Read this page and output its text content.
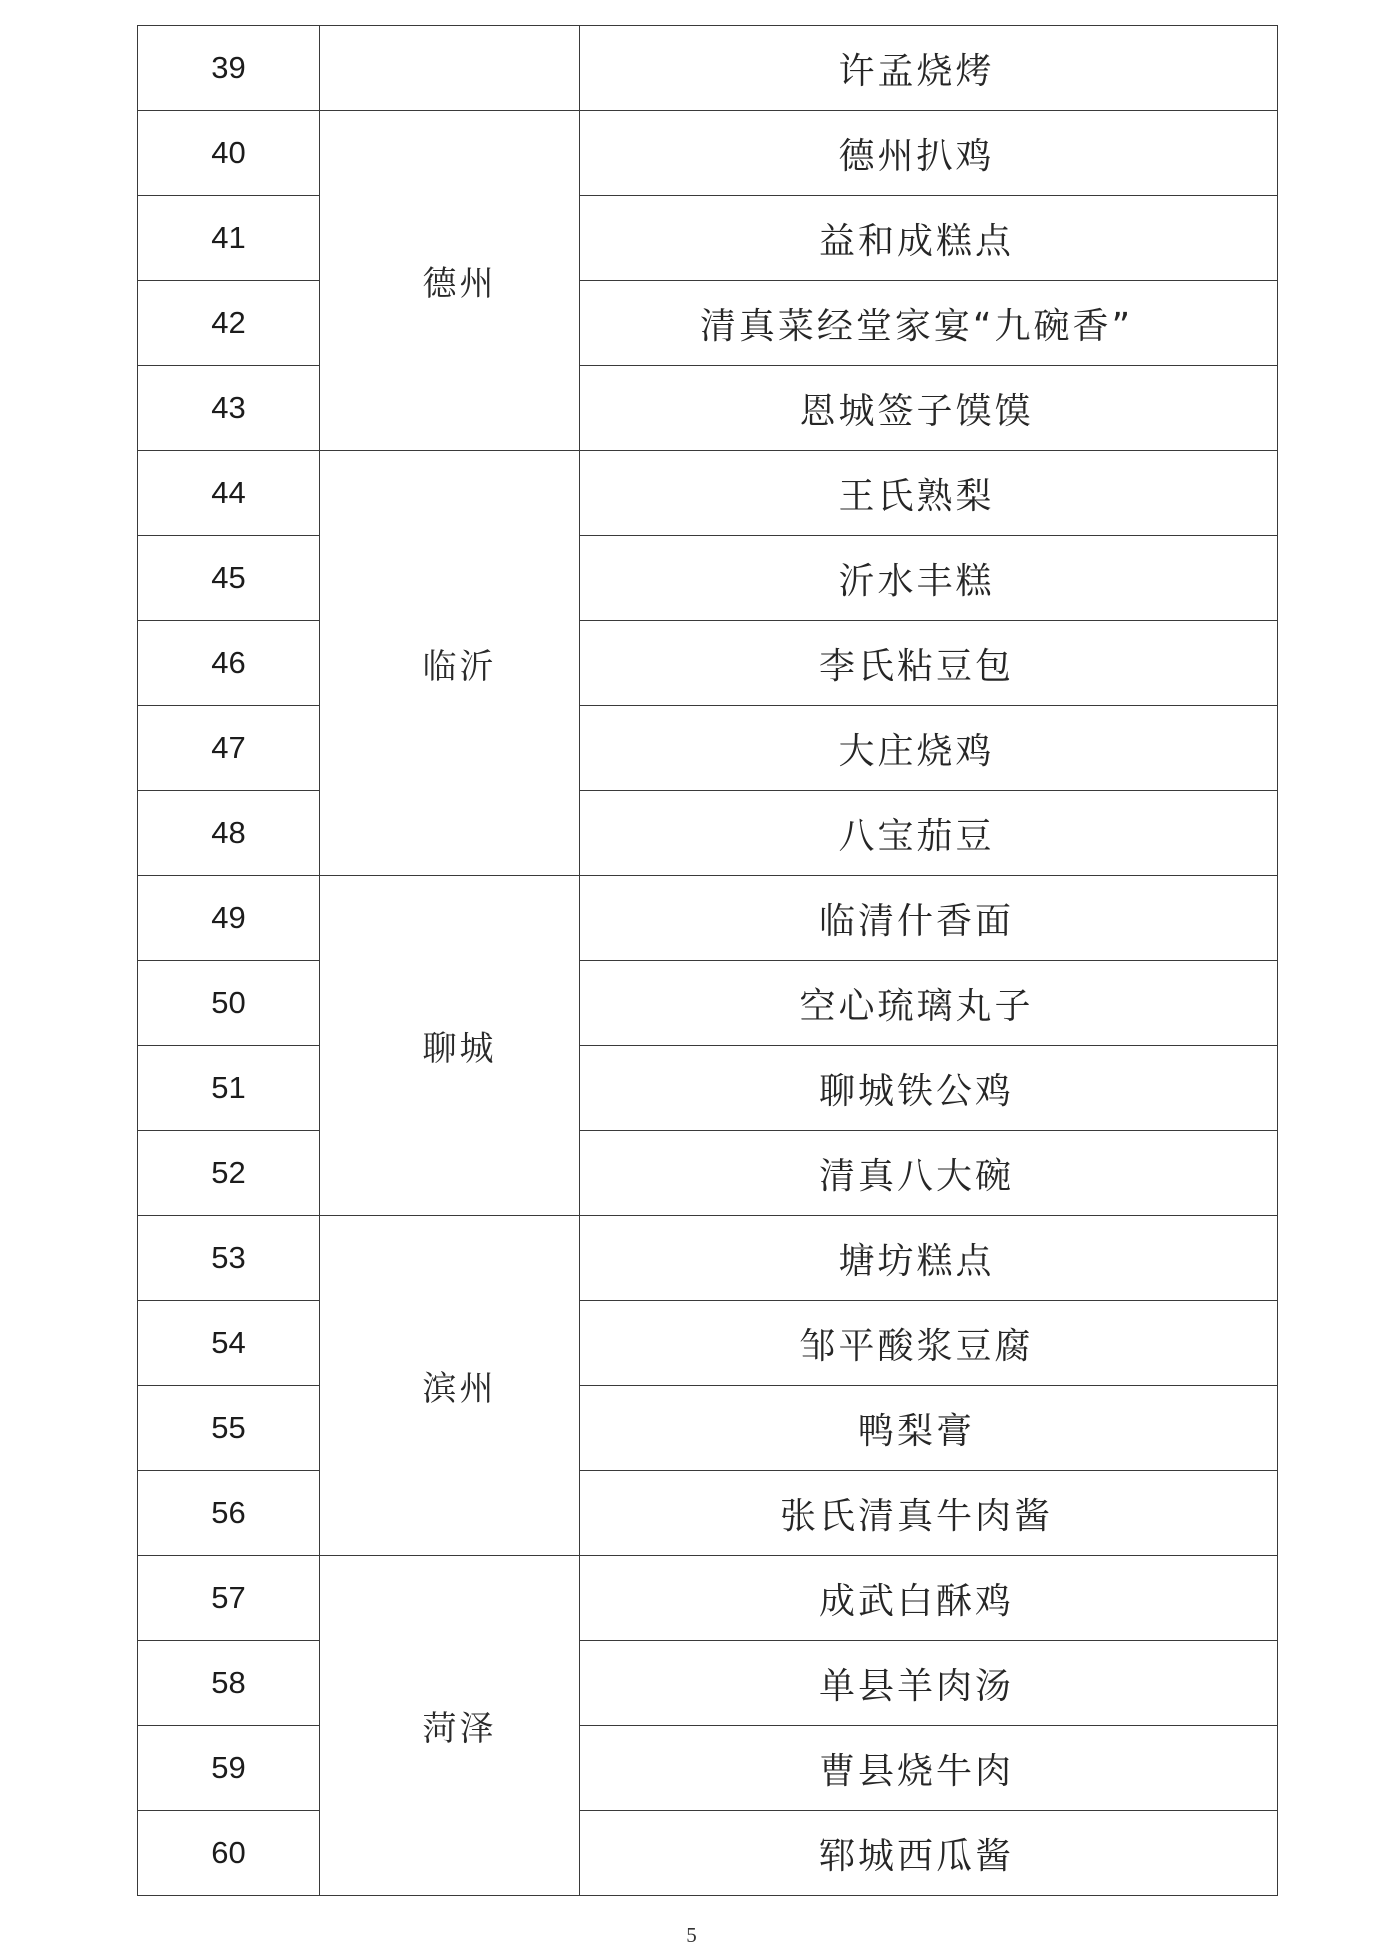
39		许孟烧烤
40	德州	德州扒鸡
41		益和成糕点
42		清真菜经堂家宴“九碗香”
43		恩城签子馍馍
44	临沂	王氏熟梨
45		沂水丰糕
46		李氏粘豆包
47		大庄烧鸡
48		八宝茄豆
49	聊城	临清什香面
50		空心琉璃丸子
51		聊城铁公鸡
52		清真八大碗
53	滨州	塘坊糕点
54		邹平酸浆豆腐
55		鸭梨膏
56		张氏清真牛肉酱
57	菏泽	成武白酥鸡
58		单县羊肉汤
59		曹县烧牛肉
60		郓城西瓜酱
5
